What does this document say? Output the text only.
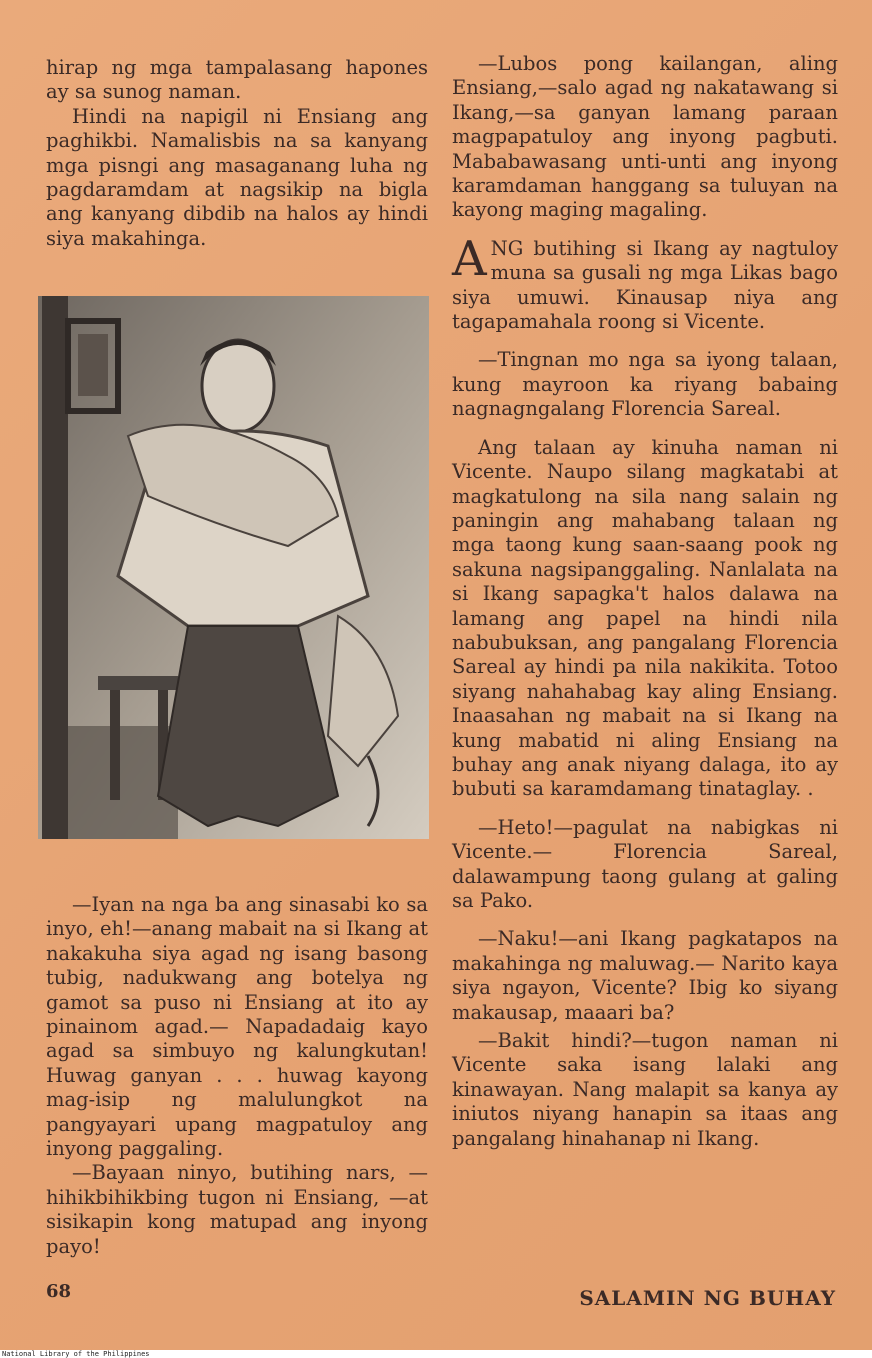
hirap ng mga tampalasang hapones ay sa sunog naman.

Hindi na napigil ni Ensiang ang paghikbi. Namalisbis na sa kanyang mga pisngi ang masaganang luha ng pagdaramdam at nagsikip na bigla ang kanyang dibdib na halos ay hindi siya makahinga.

—Iyan na nga ba ang sinasabi ko sa inyo, eh!—anang mabait na si Ikang at nakakuha siya agad ng isang basong tubig, nadukwang ang botelya ng gamot sa puso ni Ensiang at ito ay pinainom agad.— Napadadaig kayo agad sa simbuyo ng kalungkutan! Huwag ganyan . . . huwag kayong mag-isip ng malulungkot na pangyayari upang magpatuloy ang inyong paggaling.

—Bayaan ninyo, butihing nars, —hihikbihikbing tugon ni Ensiang, —at sisikapin kong matupad ang inyong payo!

—Lubos pong kailangan, aling Ensiang,—salo agad ng nakatawang si Ikang,—sa ganyan lamang paraan magpapatuloy ang inyong pagbuti. Mababawasang unti-unti ang inyong karamdaman hanggang sa tuluyan na kayong maging magaling.

ANG butihing si Ikang ay nagtuloy muna sa gusali ng mga Likas bago siya umuwi. Kinausap niya ang tagapamahala roong si Vicente.

—Tingnan mo nga sa iyong talaan, kung mayroon ka riyang babaing nagnagngalang Florencia Sareal.

Ang talaan ay kinuha naman ni Vicente. Naupo silang magkatabi at magkatulong na sila nang salain ng paningin ang mahabang talaan ng mga taong kung saan-saang pook ng sakuna nagsipanggaling. Nanlalata na si Ikang sapagka't halos dalawa na lamang ang papel na hindi nila nabubuksan, ang pangalang Florencia Sareal ay hindi pa nila nakikita. Totoo siyang nahahabag kay aling Ensiang. Inaasahan ng mabait na si Ikang na kung mabatid ni aling Ensiang na buhay ang anak niyang dalaga, ito ay bubuti sa karamdamang tinataglay. .

—Heto!—pagulat na nabigkas ni Vicente.— Florencia Sareal, dalawampung taong gulang at galing sa Pako.

—Naku!—ani Ikang pagkatapos na makahinga ng maluwag.— Narito kaya siya ngayon, Vicente? Ibig ko siyang makausap, maaari ba?

—Bakit hindi?—tugon naman ni Vicente saka isang lalaki ang kinawayan. Nang malapit sa kanya ay iniutos niyang hanapin sa itaas ang pangalang hinahanap ni Ikang.

68	SALAMIN NG BUHAY
National Library of the Philippines
